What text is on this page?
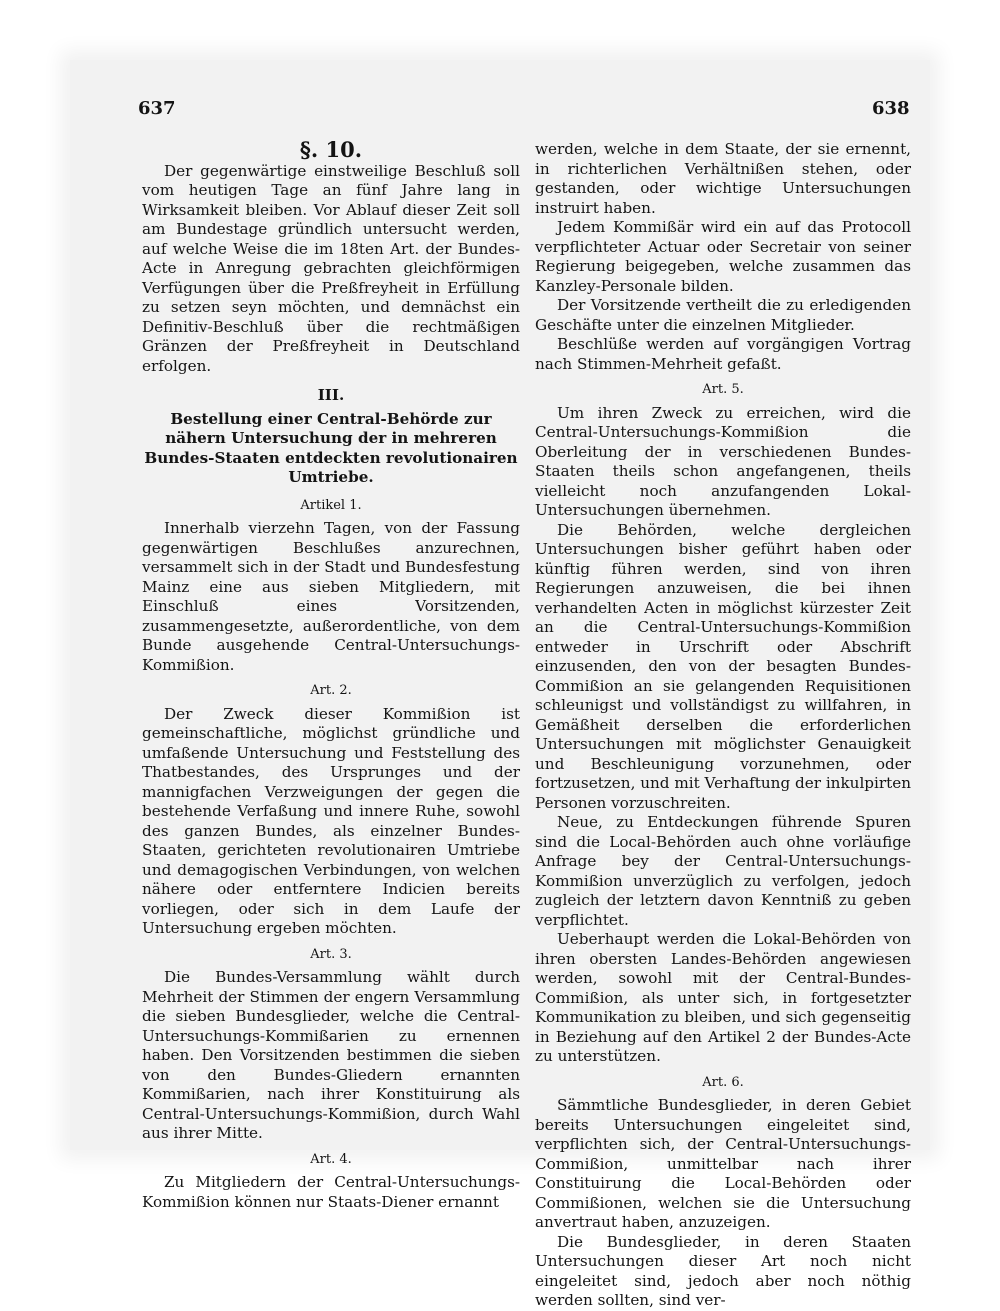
637	638
§. 10.

Der gegenwärtige einstweilige Beschluß soll vom heutigen Tage an fünf Jahre lang in Wirksamkeit bleiben. Vor Ablauf dieser Zeit soll am Bundestage gründlich untersucht werden, auf welche Weise die im 18ten Art. der Bundes-Acte in Anregung gebrachten gleichförmigen Verfügungen über die Preßfreyheit in Erfüllung zu setzen seyn möchten, und demnächst ein Definitiv-Beschluß über die rechtmäßigen Gränzen der Preßfreyheit in Deutschland erfolgen.

III.
Bestellung einer Central-Behörde zur nähern Untersuchung der in mehreren Bundes-Staaten entdeckten revolutionairen Umtriebe.
Artikel 1.

Innerhalb vierzehn Tagen, von der Fassung gegenwärtigen Beschlußes anzurechnen, versammelt sich in der Stadt und Bundesfestung Mainz eine aus sieben Mitgliedern, mit Einschluß eines Vorsitzenden, zusammengesetzte, außerordentliche, von dem Bunde ausgehende Central-Untersuchungs-Kommißion.

Art. 2.

Der Zweck dieser Kommißion ist gemeinschaftliche, möglichst gründliche und umfaßende Untersuchung und Feststellung des Thatbestandes, des Ursprunges und der mannigfachen Verzweigungen der gegen die bestehende Verfaßung und innere Ruhe, sowohl des ganzen Bundes, als einzelner Bundes-Staaten, gerichteten revolutionairen Umtriebe und demagogischen Verbindungen, von welchen nähere oder entferntere Indicien bereits vorliegen, oder sich in dem Laufe der Untersuchung ergeben möchten.

Art. 3.

Die Bundes-Versammlung wählt durch Mehrheit der Stimmen der engern Versammlung die sieben Bundesglieder, welche die Central-Untersuchungs-Kommißarien zu ernennen haben. Den Vorsitzenden bestimmen die sieben von den Bundes-Gliedern ernannten Kommißarien, nach ihrer Konstituirung als Central-Untersuchungs-Kommißion, durch Wahl aus ihrer Mitte.

Art. 4.

Zu Mitgliedern der Central-Untersuchungs-Kommißion können nur Staats-Diener ernannt

werden, welche in dem Staate, der sie ernennt, in richterlichen Verhältnißen stehen, oder gestanden, oder wichtige Untersuchungen instruirt haben.

Jedem Kommißär wird ein auf das Protocoll verpflichteter Actuar oder Secretair von seiner Regierung beigegeben, welche zusammen das Kanzley-Personale bilden.

Der Vorsitzende vertheilt die zu erledigenden Geschäfte unter die einzelnen Mitglieder.

Beschlüße werden auf vorgängigen Vortrag nach Stimmen-Mehrheit gefaßt.

Art. 5.

Um ihren Zweck zu erreichen, wird die Central-Untersuchungs-Kommißion die Oberleitung der in verschiedenen Bundes-Staaten theils schon angefangenen, theils vielleicht noch anzufangenden Lokal-Untersuchungen übernehmen.

Die Behörden, welche dergleichen Untersuchungen bisher geführt haben oder künftig führen werden, sind von ihren Regierungen anzuweisen, die bei ihnen verhandelten Acten in möglichst kürzester Zeit an die Central-Untersuchungs-Kommißion entweder in Urschrift oder Abschrift einzusenden, den von der besagten Bundes-Commißion an sie gelangenden Requisitionen schleunigst und vollständigst zu willfahren, in Gemäßheit derselben die erforderlichen Untersuchungen mit möglichster Genauigkeit und Beschleunigung vorzunehmen, oder fortzusetzen, und mit Verhaftung der inkulpirten Personen vorzuschreiten.

Neue, zu Entdeckungen führende Spuren sind die Local-Behörden auch ohne vorläufige Anfrage bey der Central-Untersuchungs-Kommißion unverzüglich zu verfolgen, jedoch zugleich der letztern davon Kenntniß zu geben verpflichtet.

Ueberhaupt werden die Lokal-Behörden von ihren obersten Landes-Behörden angewiesen werden, sowohl mit der Central-Bundes-Commißion, als unter sich, in fortgesetzter Kommunikation zu bleiben, und sich gegenseitig in Beziehung auf den Artikel 2 der Bundes-Acte zu unterstützen.

Art. 6.

Sämmtliche Bundesglieder, in deren Gebiet bereits Untersuchungen eingeleitet sind, verpflichten sich, der Central-Untersuchungs-Commißion, unmittelbar nach ihrer Constituirung die Local-Behörden oder Commißionen, welchen sie die Untersuchung anvertraut haben, anzuzeigen.

Die Bundesglieder, in deren Staaten Untersuchungen dieser Art noch nicht eingeleitet sind, jedoch aber noch nöthig werden sollten, sind ver-
